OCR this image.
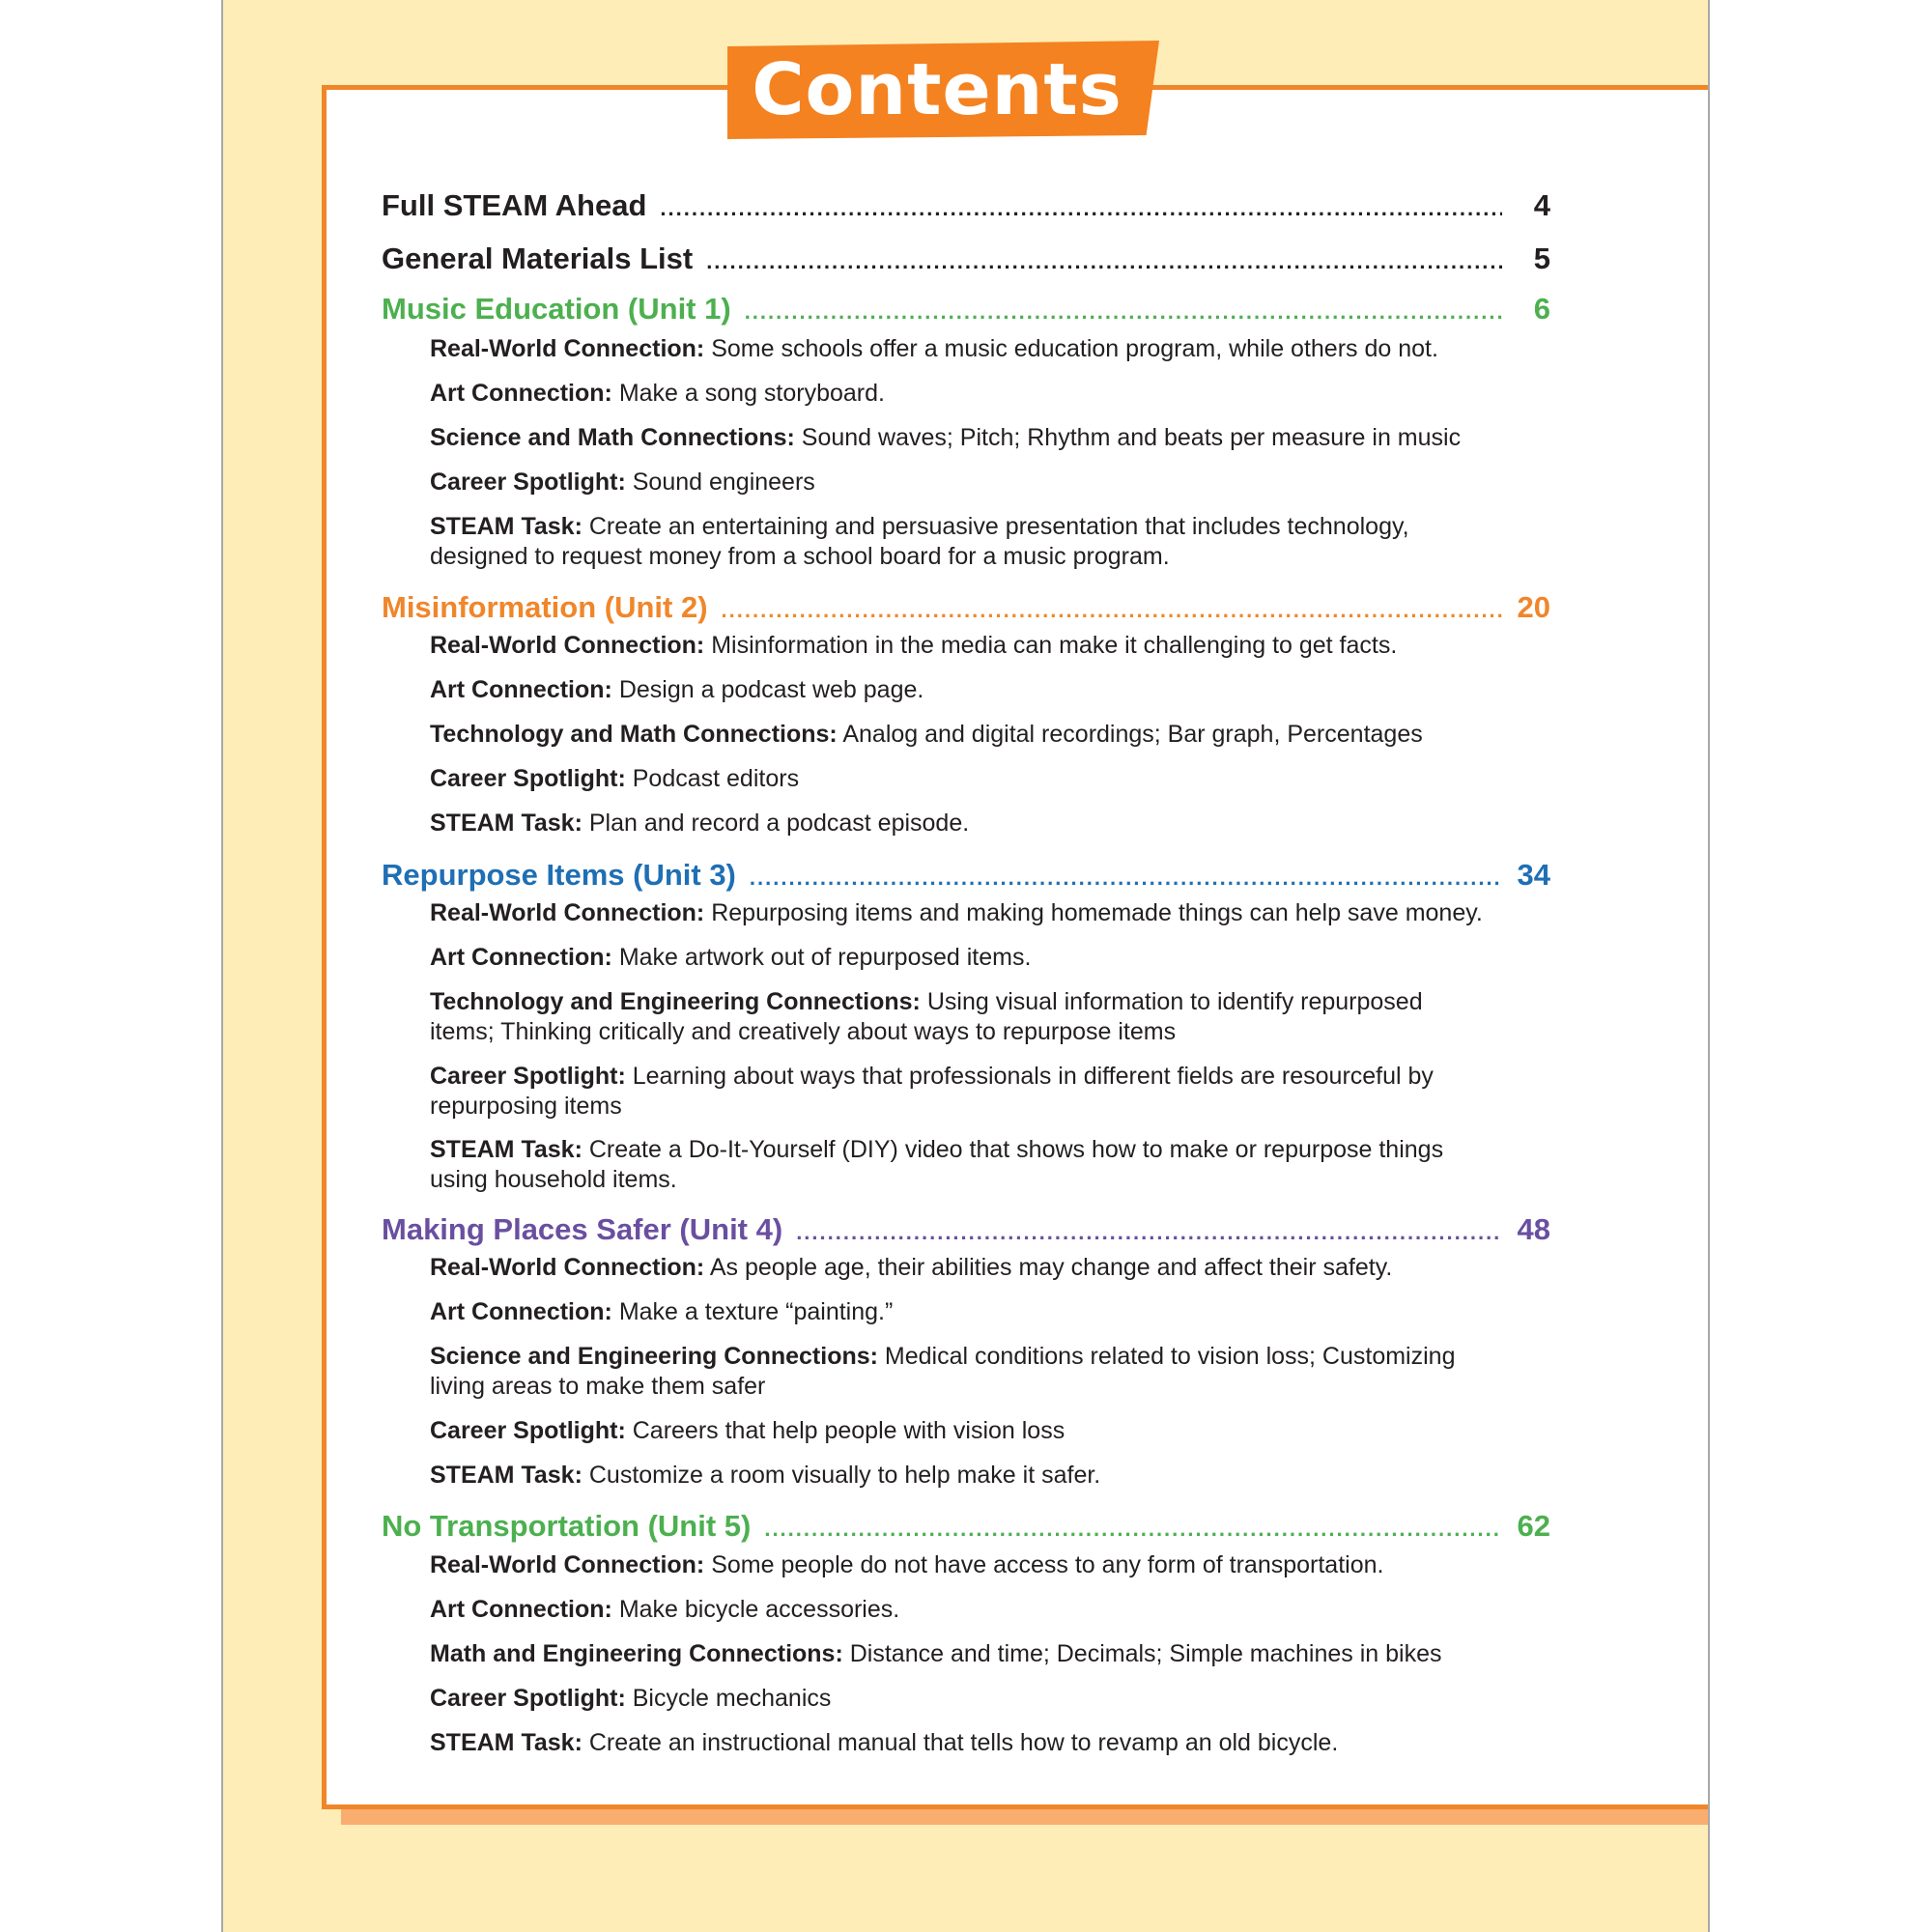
Contents
Full STEAM Ahead .....	4
General Materials List .....	5
Music Education (Unit 1) .....	6
Real-World Connection: Some schools offer a music education program, while others do not.
Art Connection: Make a song storyboard.
Science and Math Connections: Sound waves; Pitch; Rhythm and beats per measure in music
Career Spotlight: Sound engineers
STEAM Task: Create an entertaining and persuasive presentation that includes technology, designed to request money from a school board for a music program.
Misinformation (Unit 2) .....	20
Real-World Connection: Misinformation in the media can make it challenging to get facts.
Art Connection: Design a podcast web page.
Technology and Math Connections: Analog and digital recordings; Bar graph, Percentages
Career Spotlight: Podcast editors
STEAM Task: Plan and record a podcast episode.
Repurpose Items (Unit 3) .....	34
Real-World Connection: Repurposing items and making homemade things can help save money.
Art Connection: Make artwork out of repurposed items.
Technology and Engineering Connections: Using visual information to identify repurposed items; Thinking critically and creatively about ways to repurpose items
Career Spotlight: Learning about ways that professionals in different fields are resourceful by repurposing items
STEAM Task: Create a Do-It-Yourself (DIY) video that shows how to make or repurpose things using household items.
Making Places Safer (Unit 4) .....	48
Real-World Connection: As people age, their abilities may change and affect their safety.
Art Connection: Make a texture “painting.”
Science and Engineering Connections: Medical conditions related to vision loss; Customizing living areas to make them safer
Career Spotlight: Careers that help people with vision loss
STEAM Task: Customize a room visually to help make it safer.
No Transportation (Unit 5) .....	62
Real-World Connection: Some people do not have access to any form of transportation.
Art Connection: Make bicycle accessories.
Math and Engineering Connections: Distance and time; Decimals; Simple machines in bikes
Career Spotlight: Bicycle mechanics
STEAM Task: Create an instructional manual that tells how to revamp an old bicycle.
